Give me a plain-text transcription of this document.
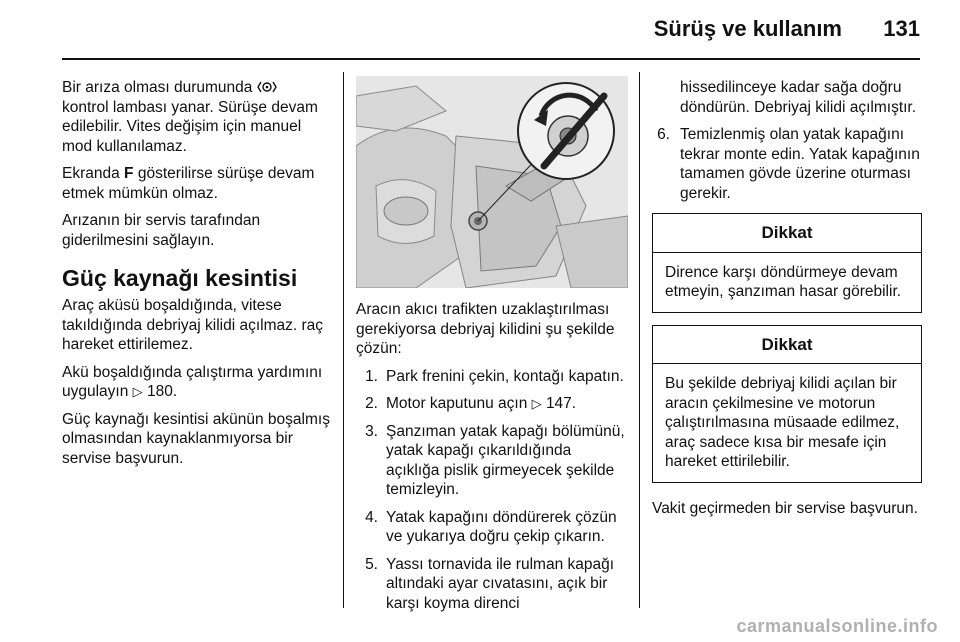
Sürüş ve kullanım 131

Bir arıza olması durumunda
kontrol lambası yanar. Sürüşe devam edilebilir. Vites değişim için manuel mod kullanılamaz.

Ekranda F gösterilirse sürüşe devam etmek mümkün olmaz.

Arızanın bir servis tarafından giderilmesini sağlayın.

Güç kaynağı kesintisi

Araç aküsü boşaldığında, vitese takıldığında debriyaj kilidi açılmaz. raç hareket ettirilemez.

Akü boşaldığında çalıştırma yardımını uygulayın ▷ 180.

Güç kaynağı kesintisi akünün boşalmış olmasından kaynaklanmıyorsa bir servise başvurun.

Aracın akıcı trafikten uzaklaştırılması gerekiyorsa debriyaj kilidini şu şekilde çözün:

1. Park frenini çekin, kontağı kapatın.
2. Motor kaputunu açın ▷ 147.
3. Şanzıman yatak kapağı bölümünü, yatak kapağı çıkarıldığında açıklığa pislik girmeyecek şekilde temizleyin.
4. Yatak kapağını döndürerek çözün ve yukarıya doğru çekip çıkarın.
5. Yassı tornavida ile rulman kapağı altındaki ayar cıvatasını, açık bir karşı koyma direnci
hissedilinceye kadar sağa doğru döndürün. Debriyaj kilidi açılmıştır.
6. Temizlenmiş olan yatak kapağını tekrar monte edin. Yatak kapağının tamamen gövde üzerine oturması gerekir.
Dikkat
Dirence karşı döndürmeye devam etmeyin, şanzıman hasar görebilir.
Dikkat
Bu şekilde debriyaj kilidi açılan bir aracın çekilmesine ve motorun çalıştırılmasına müsaade edilmez, araç sadece kısa bir mesafe için hareket ettirilebilir.

Vakit geçirmeden bir servise başvurun.

carmanualsonline.info
